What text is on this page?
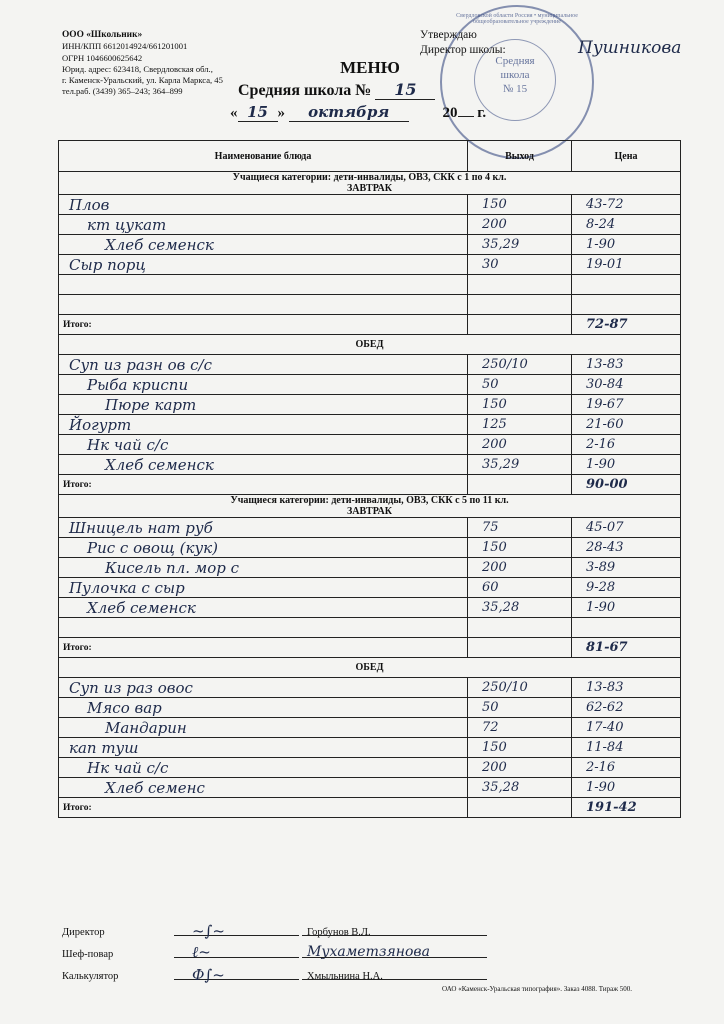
ООО «Школьник»
ИНН/КПП 6612014924/661201001
ОГРН 1046600625642
Юрид. адрес: 623418, Свердловская обл.,
г. Каменск-Уральский, ул. Карла Маркса, 45
тел.раб. (3439) 365–243; 364–899
Свердловской области Россия • муниципальное общеобразовательное учреждение
Средняя
школа
№ 15
Утверждаю
Директор школы:	Пушникова
МЕНЮ
Средняя школа № 15
« 15 » октября	20 г.
Наименование блюда	Выход	Цена

Учащиеся категории: дети-инвалиды, ОВЗ, СКК с 1 по 4 кл.
ЗАВТРАК		

Плов	150	43-72
кт цукат	200	8-24
Хлеб семенск	35,29	1-90
Сыр порц	30	19-01

Итого:		72-87

ОБЕД		

Суп из разн ов с/с	250/10	13-83
Рыба криспи	50	30-84
Пюре карт	150	19-67
Йогурт	125	21-60
Нк чай с/с	200	2-16
Хлеб семенск	35,29	1-90
Итого:		90-00

Учащиеся категории: дети-инвалиды, ОВЗ, СКК с 5 по 11 кл.
ЗАВТРАК		

Шницель нат руб	75	45-07
Рис с овощ (кук)	150	28-43
Кисель пл. мор с	200	3-89
Пулочка с сыр	60	9-28
Хлеб семенск	35,28	1-90

Итого:		81-67

ОБЕД		

Суп из раз овос	250/10	13-83
Мясо вар	50	62-62
Мандарин	72	17-40
кап туш	150	11-84
Нк чай с/с	200	2-16
Хлеб семенс	35,28	1-90
Итого:		191-42
Директор	~∫~	Горбунов В.Л.
Шеф-повар	ℓ~	Мухаметзянова
Калькулятор	Ф∫~	Хмыльнина Н.А.
ОАО «Каменск-Уральская типография». Заказ 4088. Тираж 500.
